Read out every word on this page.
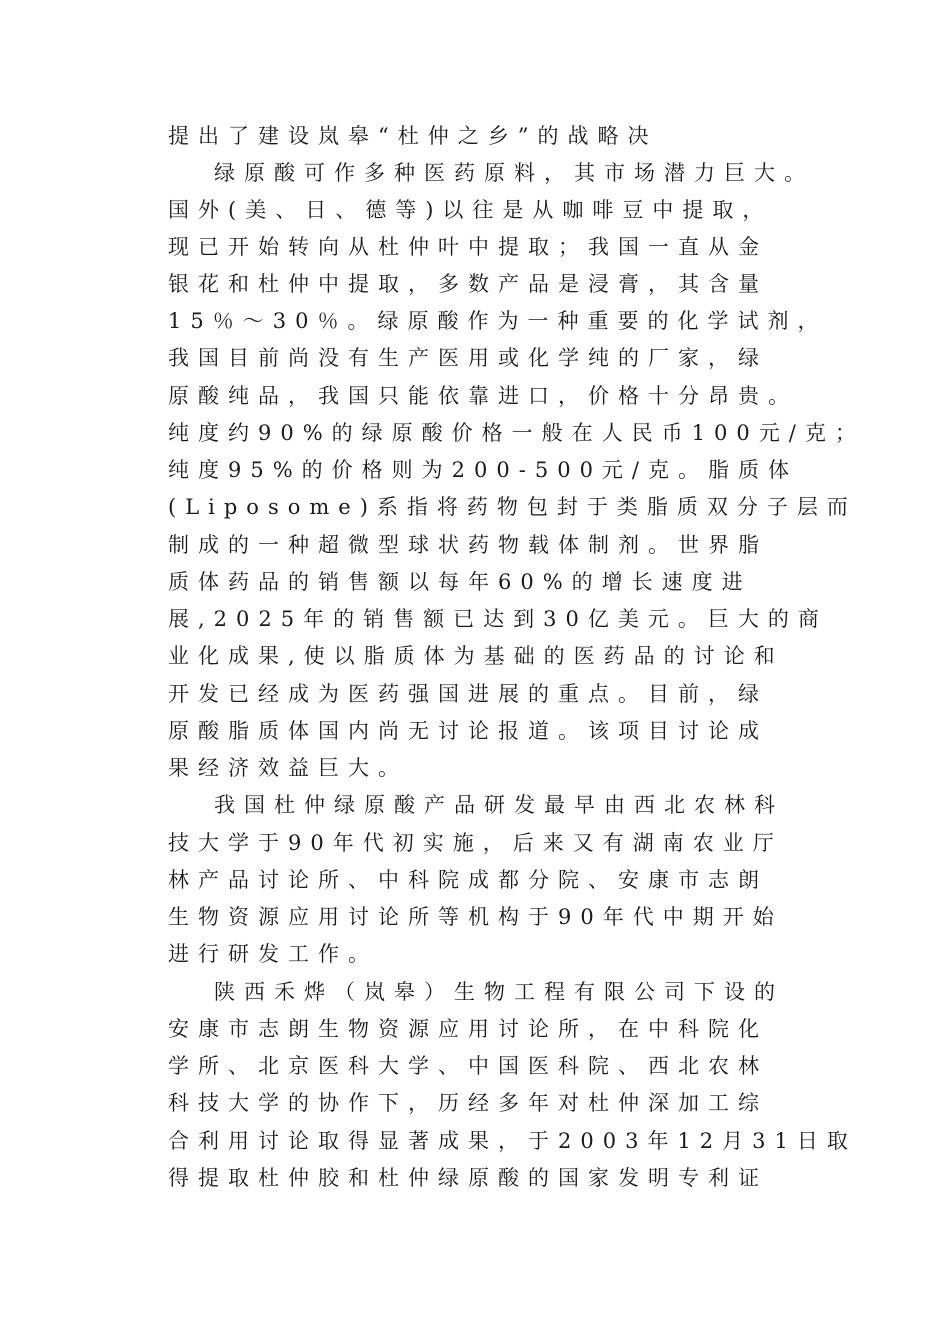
提出了建设岚皋“杜仲之乡”的战略决
绿原酸可作多种医药原料，其市场潜力巨大。
国外(美、日、德等)以往是从咖啡豆中提取，
现已开始转向从杜仲叶中提取；我国一直从金
银花和杜仲中提取，多数产品是浸膏，其含量
15％～30％。绿原酸作为一种重要的化学试剂，
我国目前尚没有生产医用或化学纯的厂家，绿
原酸纯品，我国只能依靠进口，价格十分昂贵。
纯度约90%的绿原酸价格一般在人民币100元/克；
纯度95%的价格则为200-500元/克。脂质体
(Liposome)系指将药物包封于类脂质双分子层而
制成的一种超微型球状药物载体制剂。世界脂
质体药品的销售额以每年60%的增长速度进
展,2025年的销售额已达到30亿美元。巨大的商
业化成果,使以脂质体为基础的医药品的讨论和
开发已经成为医药强国进展的重点。目前，绿
原酸脂质体国内尚无讨论报道。该项目讨论成
果经济效益巨大。
我国杜仲绿原酸产品研发最早由西北农林科
技大学于90年代初实施，后来又有湖南农业厅
林产品讨论所、中科院成都分院、安康市志朗
生物资源应用讨论所等机构于90年代中期开始
进行研发工作。
陕西禾烨（岚皋）生物工程有限公司下设的
安康市志朗生物资源应用讨论所，在中科院化
学所、北京医科大学、中国医科院、西北农林
科技大学的协作下，历经多年对杜仲深加工综
合利用讨论取得显著成果，于2003年12月31日取
得提取杜仲胶和杜仲绿原酸的国家发明专利证
